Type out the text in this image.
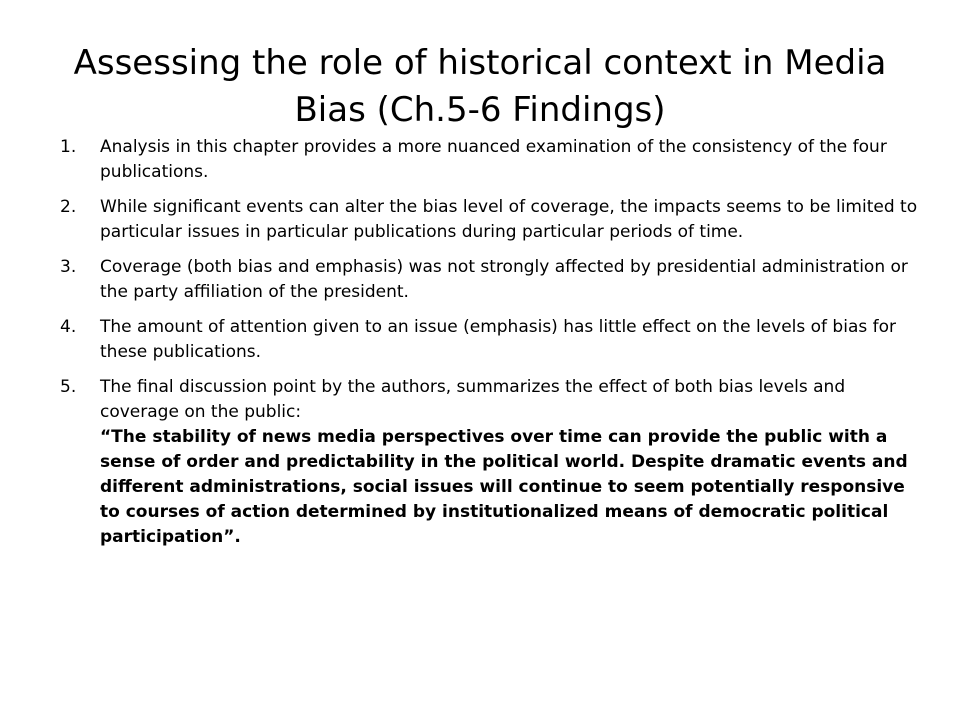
Assessing the role of historical context in Media Bias (Ch.5-6 Findings)
1.	Analysis in this chapter provides a more nuanced examination of the consistency of the four publications.
2.	While significant events can alter the bias level of coverage, the impacts seems to be limited to particular issues in particular publications during particular periods of time.
3.	Coverage (both bias and emphasis) was not strongly affected by presidential administration or the party affiliation of the president.
4.	The amount of attention given to an issue (emphasis) has little effect on the levels of bias for these publications.
5.	The final discussion point by the authors, summarizes the effect of both bias levels and coverage on the public:
“The stability of news media perspectives over time can provide the public with a sense of order and predictability in the political world. Despite dramatic events and different administrations, social issues will continue to seem potentially responsive to courses of action determined by institutionalized means of democratic political participation”.
